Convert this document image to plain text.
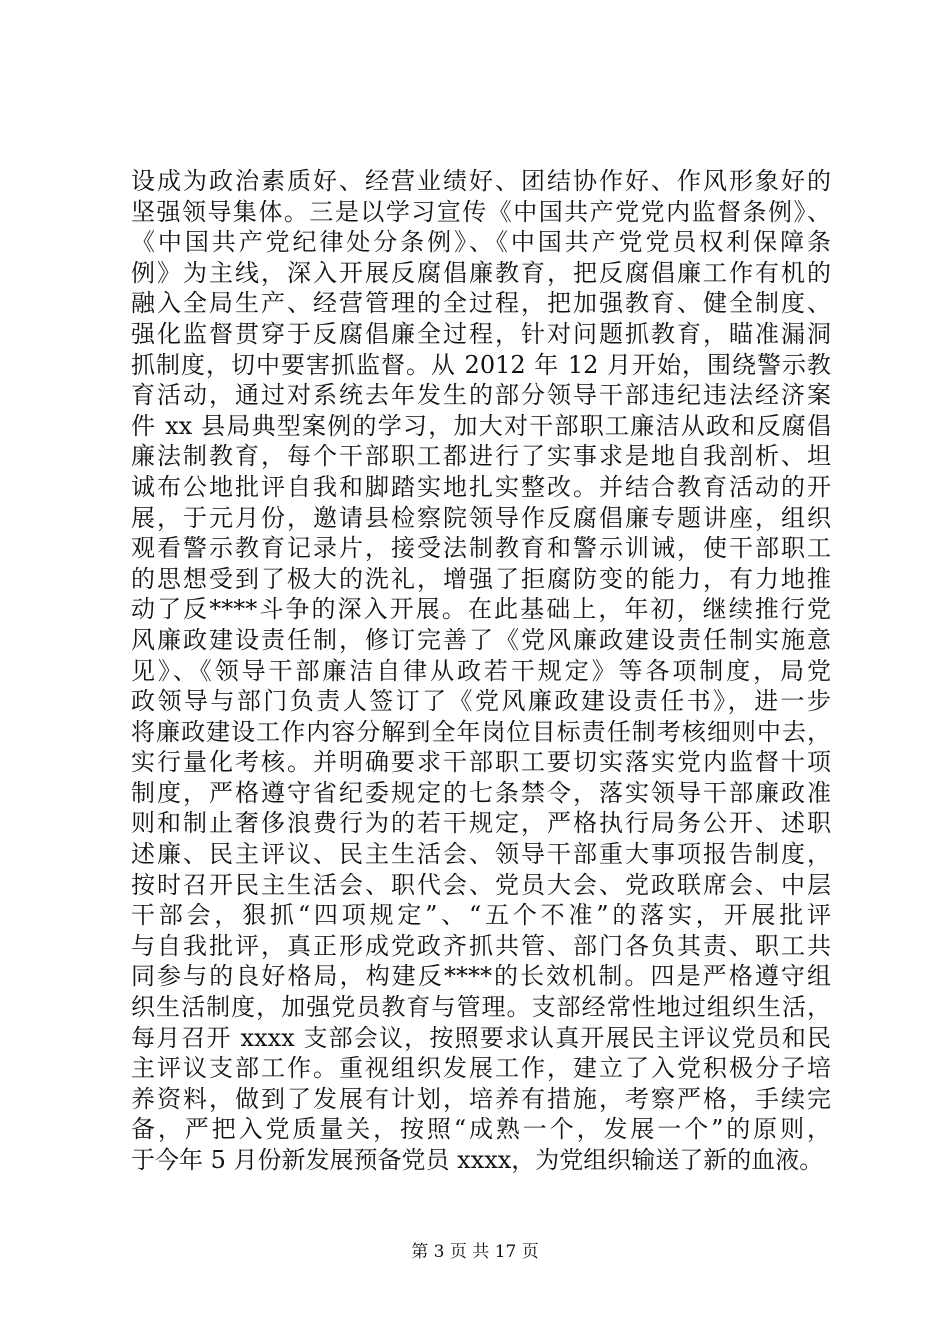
设成为政治素质好、经营业绩好、团结协作好、作风形象好的
坚强领导集体。三是以学习宣传《中国共产党党内监督条例》、
《中国共产党纪律处分条例》、《中国共产党党员权利保障条
例》为主线，深入开展反腐倡廉教育，把反腐倡廉工作有机的
融入全局生产、经营管理的全过程，把加强教育、健全制度、
强化监督贯穿于反腐倡廉全过程，针对问题抓教育，瞄准漏洞
抓制度，切中要害抓监督。从 2012 年 12 月开始，围绕警示教
育活动，通过对系统去年发生的部分领导干部违纪违法经济案
件 xx 县局典型案例的学习，加大对干部职工廉洁从政和反腐倡
廉法制教育，每个干部职工都进行了实事求是地自我剖析、坦
诚布公地批评自我和脚踏实地扎实整改。并结合教育活动的开
展，于元月份，邀请县检察院领导作反腐倡廉专题讲座，组织
观看警示教育记录片，接受法制教育和警示训诫，使干部职工
的思想受到了极大的洗礼，增强了拒腐防变的能力，有力地推
动了反****斗争的深入开展。在此基础上，年初，继续推行党
风廉政建设责任制，修订完善了《党风廉政建设责任制实施意
见》、《领导干部廉洁自律从政若干规定》等各项制度，局党
政领导与部门负责人签订了《党风廉政建设责任书》，进一步
将廉政建设工作内容分解到全年岗位目标责任制考核细则中去，
实行量化考核。并明确要求干部职工要切实落实党内监督十项
制度，严格遵守省纪委规定的七条禁令，落实领导干部廉政准
则和制止奢侈浪费行为的若干规定，严格执行局务公开、述职
述廉、民主评议、民主生活会、领导干部重大事项报告制度，
按时召开民主生活会、职代会、党员大会、党政联席会、中层
干部会，狠抓“四项规定”、“五个不准”的落实，开展批评
与自我批评，真正形成党政齐抓共管、部门各负其责、职工共
同参与的良好格局，构建反****的长效机制。四是严格遵守组
织生活制度，加强党员教育与管理。支部经常性地过组织生活，
每月召开 xxxx 支部会议，按照要求认真开展民主评议党员和民
主评议支部工作。重视组织发展工作，建立了入党积极分子培
养资料，做到了发展有计划，培养有措施，考察严格，手续完
备，严把入党质量关，按照“成熟一个，发展一个”的原则，
于今年 5 月份新发展预备党员 xxxx，为党组织输送了新的血液。
第 3 页 共 17 页
